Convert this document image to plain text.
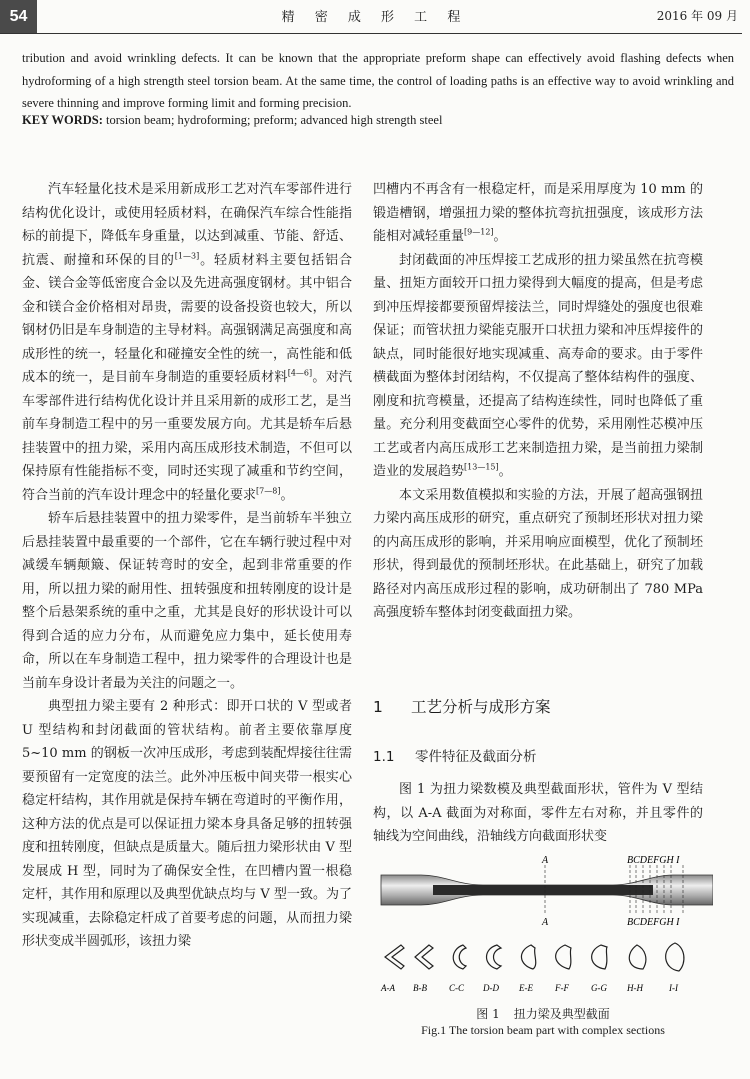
54	精 密 成 形 工 程	2016 年 09 月
tribution and avoid wrinkling defects. It can be known that the appropriate preform shape can effectively avoid flashing defects when hydroforming of a high strength steel torsion beam. At the same time, the control of loading paths is an effective way to avoid wrinkling and severe thinning and improve forming limit and forming precision.
KEY WORDS: torsion beam; hydroforming; preform; advanced high strength steel

汽车轻量化技术是采用新成形工艺对汽车零部件进行结构优化设计，或使用轻质材料，在确保汽车综合性能指标的前提下，降低车身重量，以达到减重、节能、舒适、抗震、耐撞和环保的目的[1—3]。轻质材料主要包括铝合金、镁合金等低密度合金以及先进高强度钢材。其中铝合金和镁合金价格相对昂贵，需要的设备投资也较大，所以钢材仍旧是车身制造的主导材料。高强钢满足高强度和高成形性的统一，轻量化和碰撞安全性的统一，高性能和低成本的统一，是目前车身制造的重要轻质材料[4—6]。对汽车零部件进行结构优化设计并且采用新的成形工艺，是当前车身制造工程中的另一重要发展方向。尤其是轿车后悬挂装置中的扭力梁，采用内高压成形技术制造，不但可以保持原有性能指标不变，同时还实现了减重和节约空间，符合当前的汽车设计理念中的轻量化要求[7—8]。

轿车后悬挂装置中的扭力梁零件，是当前轿车半独立后悬挂装置中最重要的一个部件，它在车辆行驶过程中对减缓车辆颠簸、保证转弯时的安全，起到非常重要的作用，所以扭力梁的耐用性、扭转强度和扭转刚度的设计是整个后悬架系统的重中之重，尤其是良好的形状设计可以得到合适的应力分布，从而避免应力集中，延长使用寿命，所以在车身制造工程中，扭力梁零件的合理设计也是当前车身设计者最为关注的问题之一。

典型扭力梁主要有 2 种形式：即开口状的 V 型或者 U 型结构和封闭截面的管状结构。前者主要依靠厚度 5~10 mm 的钢板一次冲压成形，考虑到装配焊接往往需要预留有一定宽度的法兰。此外冲压板中间夹带一根实心稳定杆结构，其作用就是保持车辆在弯道时的平衡作用，这种方法的优点是可以保证扭力梁本身具备足够的扭转强度和扭转刚度，但缺点是质量大。随后扭力梁形状由 V 型发展成 H 型，同时为了确保安全性，在凹槽内置一根稳定杆，其作用和原理以及典型优缺点均与 V 型一致。为了实现减重，去除稳定杆成了首要考虑的问题，从而扭力梁形状变成半圆弧形，该扭力梁

凹槽内不再含有一根稳定杆，而是采用厚度为 10 mm 的锻造槽钢，增强扭力梁的整体抗弯抗扭强度，该成形方法能相对减轻重量[9—12]。

封闭截面的冲压焊接工艺成形的扭力梁虽然在抗弯模量、扭矩方面较开口扭力梁得到大幅度的提高，但是考虑到冲压焊接都要预留焊接法兰，同时焊缝处的强度也很难保证；而管状扭力梁能克服开口状扭力梁和冲压焊接件的缺点，同时能很好地实现减重、高寿命的要求。由于零件横截面为整体封闭结构，不仅提高了整体结构件的强度、刚度和抗弯模量，还提高了结构连续性，同时也降低了重量。充分利用变截面空心零件的优势，采用刚性芯模冲压工艺或者内高压成形工艺来制造扭力梁，是当前扭力梁制造业的发展趋势[13—15]。

本文采用数值模拟和实验的方法，开展了超高强钢扭力梁内高压成形的研究，重点研究了预制坯形状对扭力梁的内高压成形的影响，并采用响应面模型，优化了预制坯形状，得到最优的预制坯形状。在此基础上，研究了加载路径对内高压成形过程的影响，成功研制出了 780 MPa 高强度轿车整体封闭变截面扭力梁。

1 工艺分析与成形方案
1.1 零件特征及截面分析

图 1 为扭力梁数模及典型截面形状，管件为 V 型结构，以 A-A 截面为对称面，零件左右对称，并且零件的轴线为空间曲线，沿轴线方向截面形状变

A
A
BCDEFGH I
BCDEFGH I
A-A B-B C-C D-D E-E F-F G-G H-H	I-I
图 1 扭力梁及典型截面
Fig.1 The torsion beam part with complex sections
